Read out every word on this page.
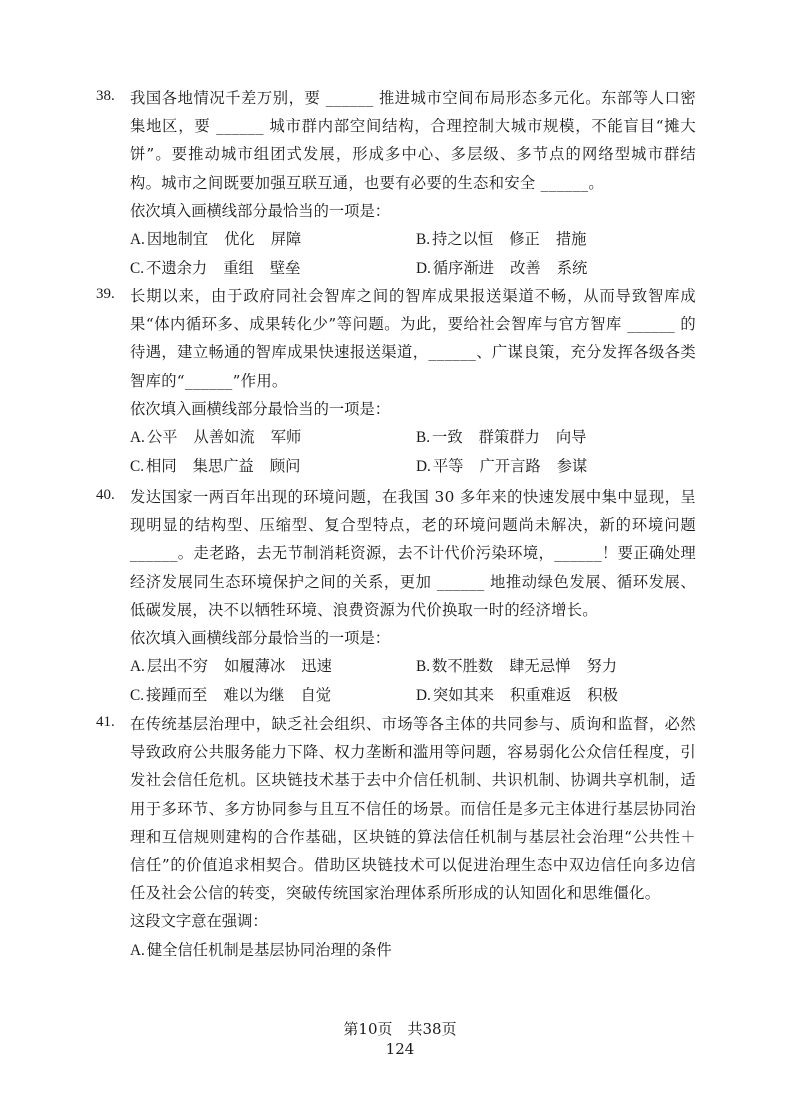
38. 我国各地情况千差万别，要 ______ 推进城市空间布局形态多元化。东部等人口密集地区，要 ______ 城市群内部空间结构，合理控制大城市规模，不能盲目“摊大饼”。要推动城市组团式发展，形成多中心、多层级、多节点的网络型城市群结构。城市之间既要加强互联互通，也要有必要的生态和安全 ______。
依次填入画横线部分最恰当的一项是：
A. 因地制宜 优化 屏障	B. 持之以恒 修正 措施
C. 不遗余力 重组 壁垒	D. 循序渐进 改善 系统
39. 长期以来，由于政府同社会智库之间的智库成果报送渠道不畅，从而导致智库成果“体内循环多、成果转化少”等问题。为此，要给社会智库与官方智库 ______ 的待遇，建立畅通的智库成果快速报送渠道，______、广谋良策，充分发挥各级各类智库的“______”作用。
依次填入画横线部分最恰当的一项是：
A. 公平 从善如流 军师	B. 一致 群策群力 向导
C. 相同 集思广益 顾问	D. 平等 广开言路 参谋
40. 发达国家一两百年出现的环境问题，在我国 30 多年来的快速发展中集中显现，呈现明显的结构型、压缩型、复合型特点，老的环境问题尚未解决，新的环境问题 ______。走老路，去无节制消耗资源，去不计代价污染环境，______！要正确处理经济发展同生态环境保护之间的关系，更加 ______ 地推动绿色发展、循环发展、低碳发展，决不以牺牲环境、浪费资源为代价换取一时的经济增长。
依次填入画横线部分最恰当的一项是：
A. 层出不穷 如履薄冰 迅速	B. 数不胜数 肆无忌惮 努力
C. 接踵而至 难以为继 自觉	D. 突如其来 积重难返 积极
41. 在传统基层治理中，缺乏社会组织、市场等各主体的共同参与、质询和监督，必然导致政府公共服务能力下降、权力垄断和滥用等问题，容易弱化公众信任程度，引发社会信任危机。区块链技术基于去中介信任机制、共识机制、协调共享机制，适用于多环节、多方协同参与且互不信任的场景。而信任是多元主体进行基层协同治理和互信规则建构的合作基础，区块链的算法信任机制与基层社会治理“公共性＋信任”的价值追求相契合。借助区块链技术可以促进治理生态中双边信任向多边信任及社会公信的转变，突破传统国家治理体系所形成的认知固化和思维僵化。
这段文字意在强调：
A. 健全信任机制是基层协同治理的条件
第10页　共38页
124
